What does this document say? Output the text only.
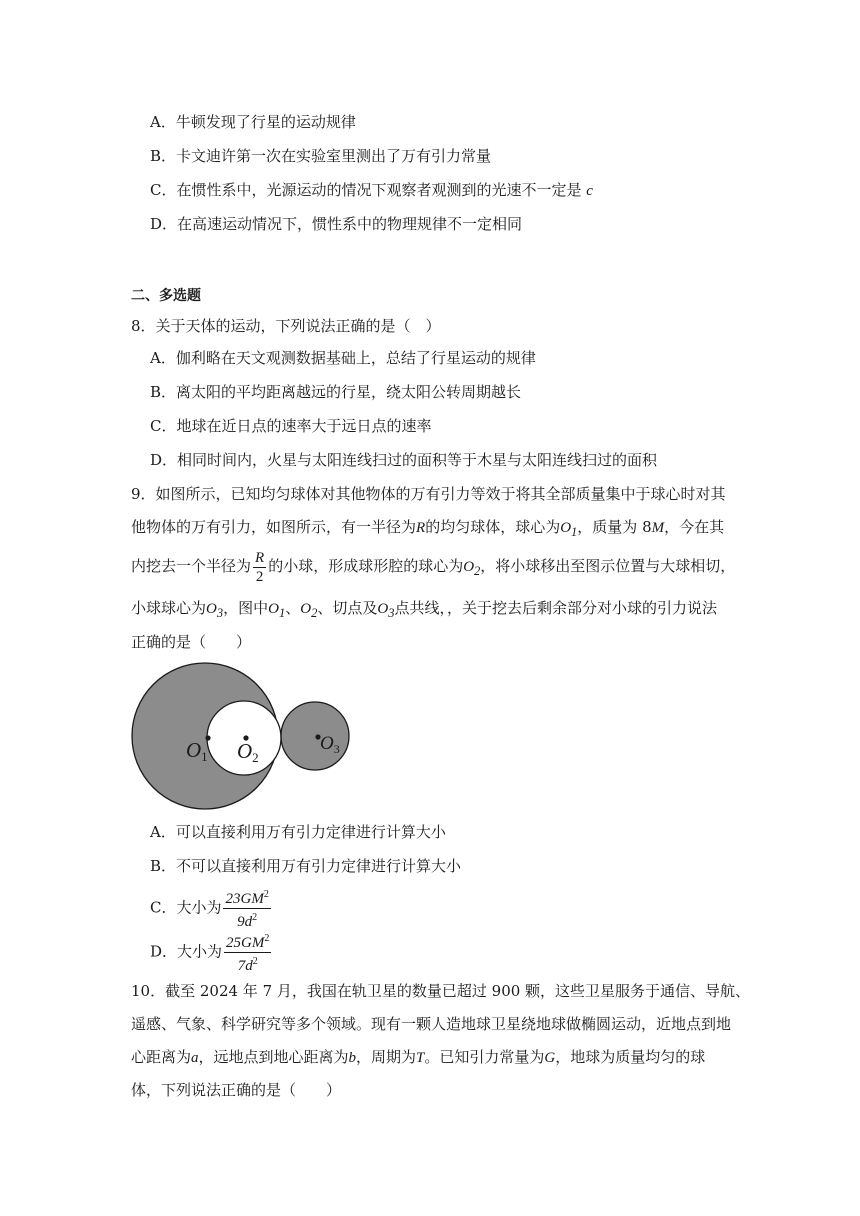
A．牛顿发现了行星的运动规律
B．卡文迪许第一次在实验室里测出了万有引力常量
C．在惯性系中，光源运动的情况下观察者观测到的光速不一定是 c
D．在高速运动情况下，惯性系中的物理规律不一定相同
二、多选题
8．关于天体的运动，下列说法正确的是（　）
A．伽利略在天文观测数据基础上，总结了行星运动的规律
B．离太阳的平均距离越远的行星，绕太阳公转周期越长
C．地球在近日点的速率大于远日点的速率
D．相同时间内，火星与太阳连线扫过的面积等于木星与太阳连线扫过的面积
9．如图所示，已知均匀球体对其他物体的万有引力等效于将其全部质量集中于球心时对其
他物体的万有引力，如图所示，有一半径为R的均匀球体，球心为$O_1$，质量为 8M，今在其
内挖去一个半径为 $\frac{R}{2}$ 的小球，形成球形腔的球心为$O_2$，将小球移出至图示位置与大球相切，
小球球心为$O_3$，图中$O_1$、$O_2$、切点及$O_3$点共线，，关于挖去后剩余部分对小球的引力说法
正确的是（　　）
O1 O2
$O_3$
A．可以直接利用万有引力定律进行计算大小
B．不可以直接利用万有引力定律进行计算大小
C．大小为 $\frac{23GM^2}{9d^2}$
D．大小为 $\frac{25GM^2}{7d^2}$
10．截至 2024 年 7 月，我国在轨卫星的数量已超过 900 颗，这些卫星服务于通信、导航、
遥感、气象、科学研究等多个领域。现有一颗人造地球卫星绕地球做椭圆运动，近地点到地
心距离为a，远地点到地心距离为b，周期为T。已知引力常量为G，地球为质量均匀的球
体，下列说法正确的是（　　）
